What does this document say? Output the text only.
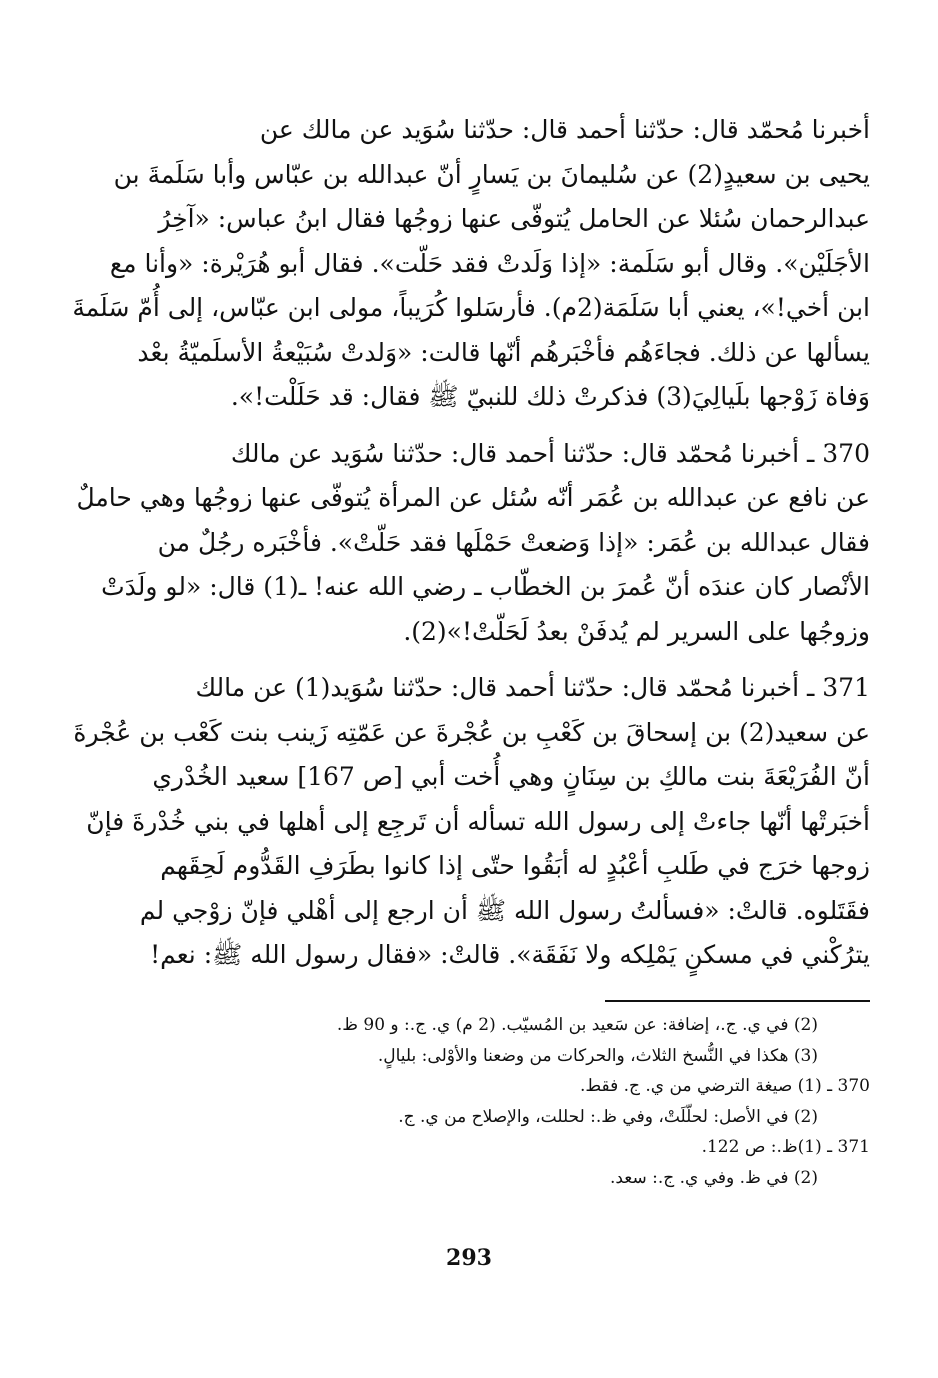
أخبرنا مُحمّد قال: حدّثنا أحمد قال: حدّثنا سُوَيد عن مالك عن
يحيى بن سعيدٍ(2) عن سُليمانَ بن يَسارٍ أنّ عبدالله بن عبّاس وأبا سَلَمةَ بن
عبدالرحمان سُئلا عن الحامل يُتوفّى عنها زوجُها فقال ابنُ عباس: «آخِرُ
الأجَلَيْن». وقال أبو سَلَمة: «إذا وَلَدتْ فقد حَلّت». فقال أبو هُرَيْرة: «وأنا مع
ابن أخي!»، يعني أبا سَلَمَة(2م). فأرسَلوا كُرَيباً، مولى ابن عبّاس، إلى أُمّ سَلَمةَ
يسألها عن ذلك. فجاءَهُم فأخْبَرهُم أنّها قالت: «وَلدتْ سُبَيْعةُ الأسلَميّةُ بعْد
وَفاة زَوْجها بلَيالِيَ(3) فذكرتْ ذلك للنبيّ ﷺ فقال: قد حَلَلْت!».

370 ـ أخبرنا مُحمّد قال: حدّثنا أحمد قال: حدّثنا سُوَيد عن مالك
عن نافع عن عبدالله بن عُمَر أنّه سُئل عن المرأة يُتوفّى عنها زوجُها وهي حاملٌ
فقال عبدالله بن عُمَر: «إذا وَضعتْ حَمْلَها فقد حَلّتْ». فأخْبَره رجُلٌ من
الأنْصار كان عندَه أنّ عُمرَ بن الخطّاب ـ رضي الله عنه! ـ(1) قال: «لو ولَدَتْ
وزوجُها على السرير لم يُدفَنْ بعدُ لَحَلّتْ!»(2).

371 ـ أخبرنا مُحمّد قال: حدّثنا أحمد قال: حدّثنا سُوَيد(1) عن مالك
عن سعيد(2) بن إسحاقَ بن كَعْبِ بن عُجْرةَ عن عَمّتِه زَينب بنت كَعْب بن عُجْرةَ
أنّ الفُرَيْعَةَ بنت مالكِ بن سِنَانٍ وهي أُخت أبي [ص 167] سعيد الخُدْري
أخبَرتْها أنّها جاءتْ إلى رسول الله تسأله أن تَرجِع إلى أهلها في بني خُدْرةَ فإنّ
زوجها خرَج في طَلبِ أعْبُدٍ له أبَقُوا حتّى إذا كانوا بطَرَفِ القَدُّوم لَحِقَهم
فقَتَلوه. قالتْ: «فسألتُ رسول الله ﷺ أن ارجع إلى أهْلي فإنّ زوْجي لم
يترُكْني في مسكنٍ يَمْلِكه ولا نَفَقَة». قالتْ: «فقال رسول الله ﷺ: نعم!

(2) في ي. ج.، إضافة: عن سَعيد بن المُسيّب. (2 م) ي. ج.: و 90 ظ.
(3) هكذا في النُّسخ الثلاث، والحركات من وضعنا والأوْلى: بليالٍ.
370 ـ (1) صيغة الترضي من ي. ج. فقط.
(2) في الأصل: لحلّلَتْ، وفي ظ.: لحللت، والإصلاح من ي. ج.
371 ـ (1)ظ.: ص 122.
(2) في ظ. وفي ي. ج.: سعد.
293
